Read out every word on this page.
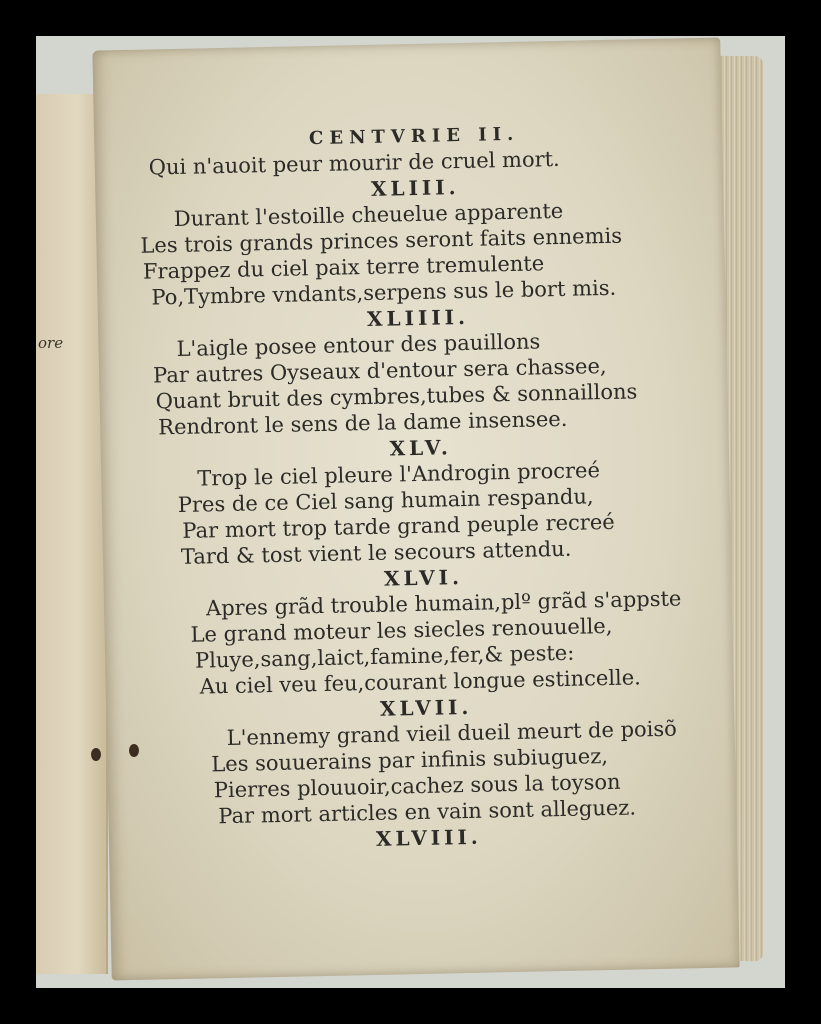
ore
CENTVRIE II.
Qui n'auoit peur mourir de cruel mort.
XLIII.
Durant l'estoille cheuelue apparente
Les trois grands princes seront faits ennemis
Frappez du ciel paix terre tremulente
Po,Tymbre vndants,serpens sus le bort mis.
XLIIII.
L'aigle posee entour des pauillons
Par autres Oyseaux d'entour sera chassee,
Quant bruit des cymbres,tubes & sonnaillons
Rendront le sens de la dame insensee.
XLV.
Trop le ciel pleure l'Androgin procreé
Pres de ce Ciel sang humain respandu,
Par mort trop tarde grand peuple recreé
Tard & tost vient le secours attendu.
XLVI.
Apres grãd trouble humain,plº grãd s'appste
Le grand moteur les siecles renouuelle,
Pluye,sang,laict,famine,fer,& peste:
Au ciel veu feu,courant longue estincelle.
XLVII.
L'ennemy grand vieil dueil meurt de poisõ
Les souuerains par infinis subiuguez,
Pierres plouuoir,cachez sous la toyson
Par mort articles en vain sont alleguez.
XLVIII.
